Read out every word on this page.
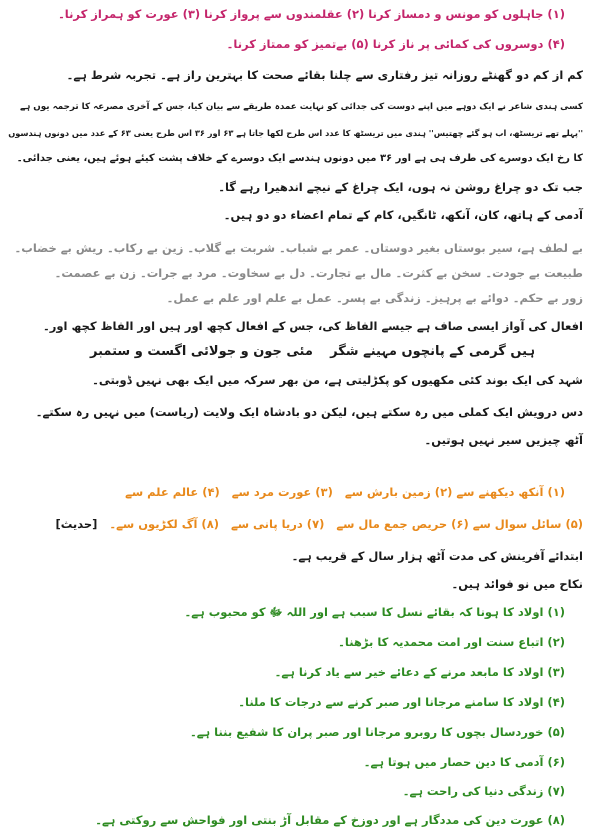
(۱) جاہلوں کو مونس و دمساز کرنا (۲) عقلمندوں سے پرواز کرنا (۳) عورت کو ہمراز کرنا۔
(۴) دوسروں کی کمائی پر ناز کرنا (۵) بےتمیز کو ممتاز کرنا۔
کم از کم دو گھنٹے روزانہ تیز رفتاری سے چلنا بقائے صحت کا بہترین راز ہے۔ تجربہ شرط ہے۔
کسی ہندی شاعر نے ایک دوہے میں اپنے دوست کی جدائی کو نہایت عمدہ طریقے سے بیان کیا، جس کے آخری مصرعہ کا ترجمہ یوں ہے
''پہلے تھے تریسٹھ، اب ہو گئے چھتیس'' ہندی میں تریسٹھ کا عدد اس طرح لکھا جاتا ہے ۶۳ اور ۳۶ اس طرح یعنی ۶۳ کے عدد میں دونوں ہندسوں
کا رخ ایک دوسرے کی طرف ہی ہے اور ۳۶ میں دونوں ہندسے ایک دوسرے کے خلاف پشت کیئے ہوئے ہیں، یعنی جدائی۔
جب تک دو چراغ روشن نہ ہوں، ایک چراغ کے نیچے اندھیرا رہے گا۔
آدمی کے ہاتھ، کان، آنکھ، ٹانگیں، کام کے تمام اعضاء دو دو ہیں۔
بے لطف ہے، سیر بوستاں بغیر دوستاں۔ عمر بے شباب۔ شربت بے گلاب۔ زین بے رکاب۔ ریش بے خضاب۔
طبیعت بے جودت۔ سخن بے کثرت۔ مال بے تجارت۔ دل بے سخاوت۔ مرد بے جرات۔ زن بے عصمت۔
زور بے حکم۔ دوائے بے پرہیز۔ زندگی بے پسر۔ عمل بے علم اور علم بے عمل۔
افعال کی آواز ایسی صاف ہے جیسے الفاظ کی، جس کے افعال کچھ اور ہیں اور الفاظ کچھ اور۔
ہیں گرمی کے پانچوں مہینے شگر
مئی جون و جولائی اگست و ستمبر
شہد کی ایک بوند کئی مکھیوں کو پکڑلیتی ہے، من بھر سرکہ میں ایک بھی نہیں ڈوبتی۔
دس درویش ایک کملی میں رہ سکتے ہیں، لیکن دو بادشاہ ایک ولایت (ریاست) میں نہیں رہ سکتے۔
آٹھ چیزیں سیر نہیں ہوتیں۔
(۱) آنکھ دیکھنے سے (۲) زمین بارش سے (۳) عورت مرد سے (۴) عالم علم سے
(۵) سائل سوال سے (۶) حریص جمع مال سے (۷) دریا پانی سے (۸) آگ لکڑیوں سے۔ [حدیث]
ابتدائے آفرینش کی مدت آٹھ ہزار سال کے قریب ہے۔
نکاح میں نو فوائد ہیں۔
(۱) اولاد کا ہونا کہ بقائے نسل کا سبب ہے اور اللہ ﷻ کو محبوب ہے۔
(۲) اتباع سنت اور امت محمدیہ کا بڑھنا۔
(۳) اولاد کا مابعد مرنے کے دعائے خیر سے یاد کرنا ہے۔
(۴) اولاد کا سامنے مرجانا اور صبر کرنے سے درجات کا ملنا۔
(۵) خوردسال بچوں کا روبرو مرجانا اور صبر پران کا شفیع بننا ہے۔
(۶) آدمی کا دین حصار میں ہوتا ہے۔
(۷) زندگی دنیا کی راحت ہے۔
(۸) عورت دین کی مددگار ہے اور دوزخ کے مقابل آڑ بنتی اور فواحش سے روکتی ہے۔
